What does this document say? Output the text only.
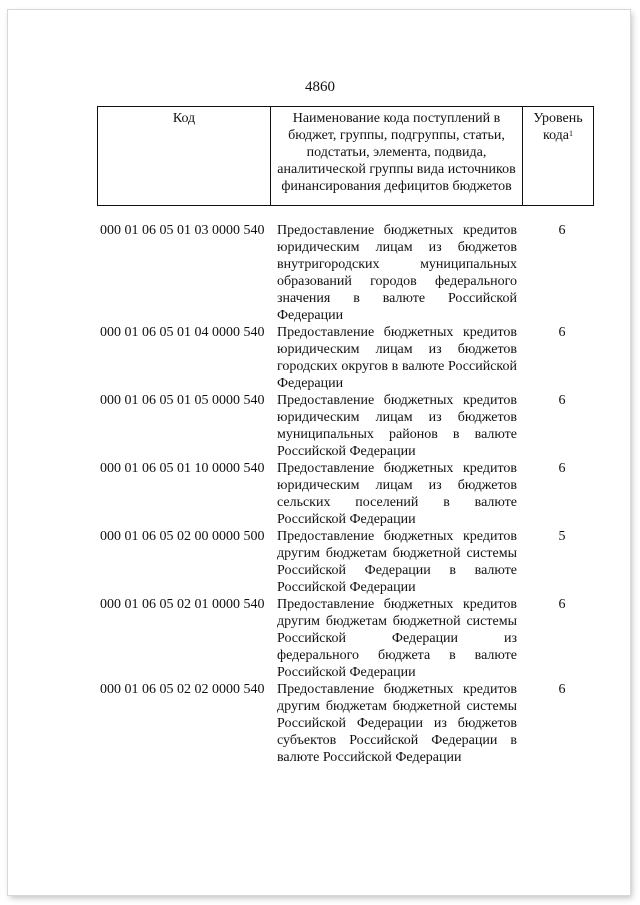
4860
Код	Наименование кода поступлений в бюджет, группы, подгруппы, статьи, подстатьи, элемента, подвида, аналитической группы вида источников финансирования дефицитов бюджетов
Уровень кода$^1$
000 01 06 05 01 03 0000 540 Предоставление бюджетных кредитов юридическим лицам из бюджетов внутригородских муниципальных образований городов федерального значения в валюте Российской Федерации
6
000 01 06 05 01 04 0000 540 Предоставление бюджетных кредитов юридическим лицам из бюджетов городских округов в валюте Российской Федерации
6
000 01 06 05 01 05 0000 540 Предоставление бюджетных кредитов юридическим лицам из бюджетов муниципальных районов в валюте Российской Федерации
6
000 01 06 05 01 10 0000 540 Предоставление бюджетных кредитов юридическим лицам из бюджетов сельских поселений в валюте Российской Федерации
6
000 01 06 05 02 00 0000 500 Предоставление бюджетных кредитов другим бюджетам бюджетной системы Российской Федерации в валюте Российской Федерации
5
000 01 06 05 02 01 0000 540 Предоставление бюджетных кредитов другим бюджетам бюджетной системы Российской Федерации из федерального бюджета в валюте Российской Федерации
6
000 01 06 05 02 02 0000 540 Предоставление бюджетных кредитов другим бюджетам бюджетной системы Российской Федерации из бюджетов субъектов Российской Федерации в валюте Российской Федерации
6
